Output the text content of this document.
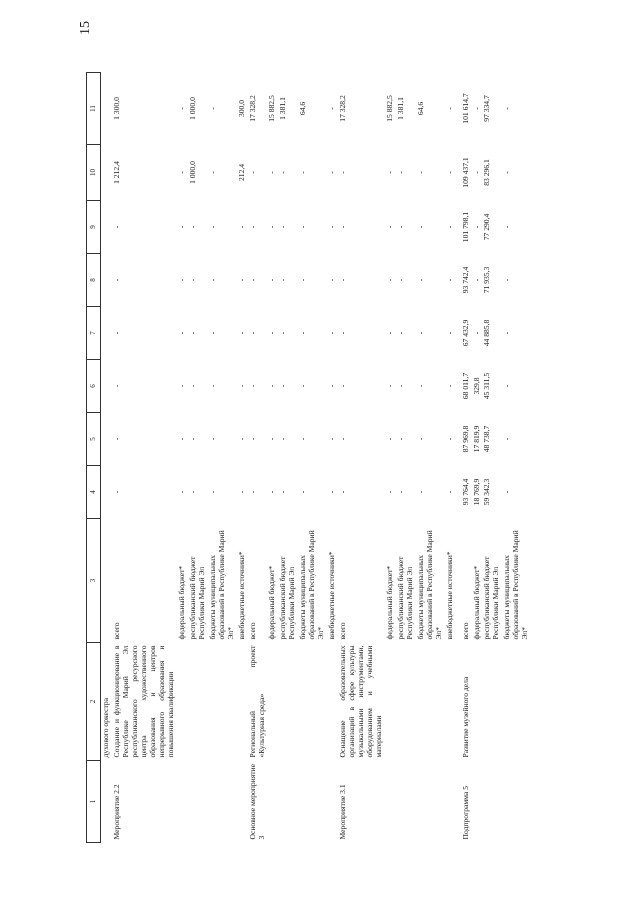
15
1	2	3	4	5	6	7	8	9	10	11
	духового оркестра									
Мероприятие 2.2	Создание и функционирование в Республике Марий Эл республиканского ресурсного центра художественного образования и центров непрерывного образования и повышения квалификации	всего	-	-	-	-	-	-	1 212,4	1 300,0
		федеральный бюджет*	-	-	-	-	-	-	-	-
		республиканский бюджет Республики Марий Эл	-	-	-	-	-	-	1 000,0	1 000,0
		бюджеты муниципальных образований в Республике Марий Эл*	-	-	-	-	-	-	-	-
		внебюджетные источники*	-	-	-	-	-	-	212,4	300,0
Основное мероприятие 3	Региональный проект «Культурная среда»	всего	-	-	-	-	-	-	-	17 328,2
		федеральный бюджет*	-	-	-	-	-	-	-	15 882,5
		республиканский бюджет Республики Марий Эл	-	-	-	-	-	-	-	1 381,1
		бюджеты муниципальных образований в Республике Марий Эл*	-	-	-	-	-	-	-	64,6
		внебюджетные источники*	-	-	-	-	-	-	-	-
Мероприятие 3.1	Оснащение образовательных организаций в сфере культуры музыкальными инструментами, оборудованием и учебными материалами	всего	-	-	-	-	-	-	-	17 328,2
		федеральный бюджет*	-	-	-	-	-	-	-	15 882,5
		республиканский бюджет Республики Марий Эл	-	-	-	-	-	-	-	1 381,1
		бюджеты муниципальных образований в Республике Марий Эл*	-	-	-	-	-	-	-	64,6
		внебюджетные источники*	-	-	-	-	-	-	-	-
Подпрограмма 5	Развитие музейного дела	всего	93 764,4	87 969,8	68 011,7	67 432,9	93 742,4	101 798,1	109 437,1	101 614,7
		федеральный бюджет*	18 769,9	17 819,9	329,8	-	-	-	-	-
		республиканский бюджет Республики Марий Эл	59 342,3	48 738,7	45 311,5	44 885,8	71 935,3	77 290,4	83 296,1	97 334,7
		бюджеты муниципальных образований в Республике Марий Эл*	-	-	-	-	-	-	-	-
